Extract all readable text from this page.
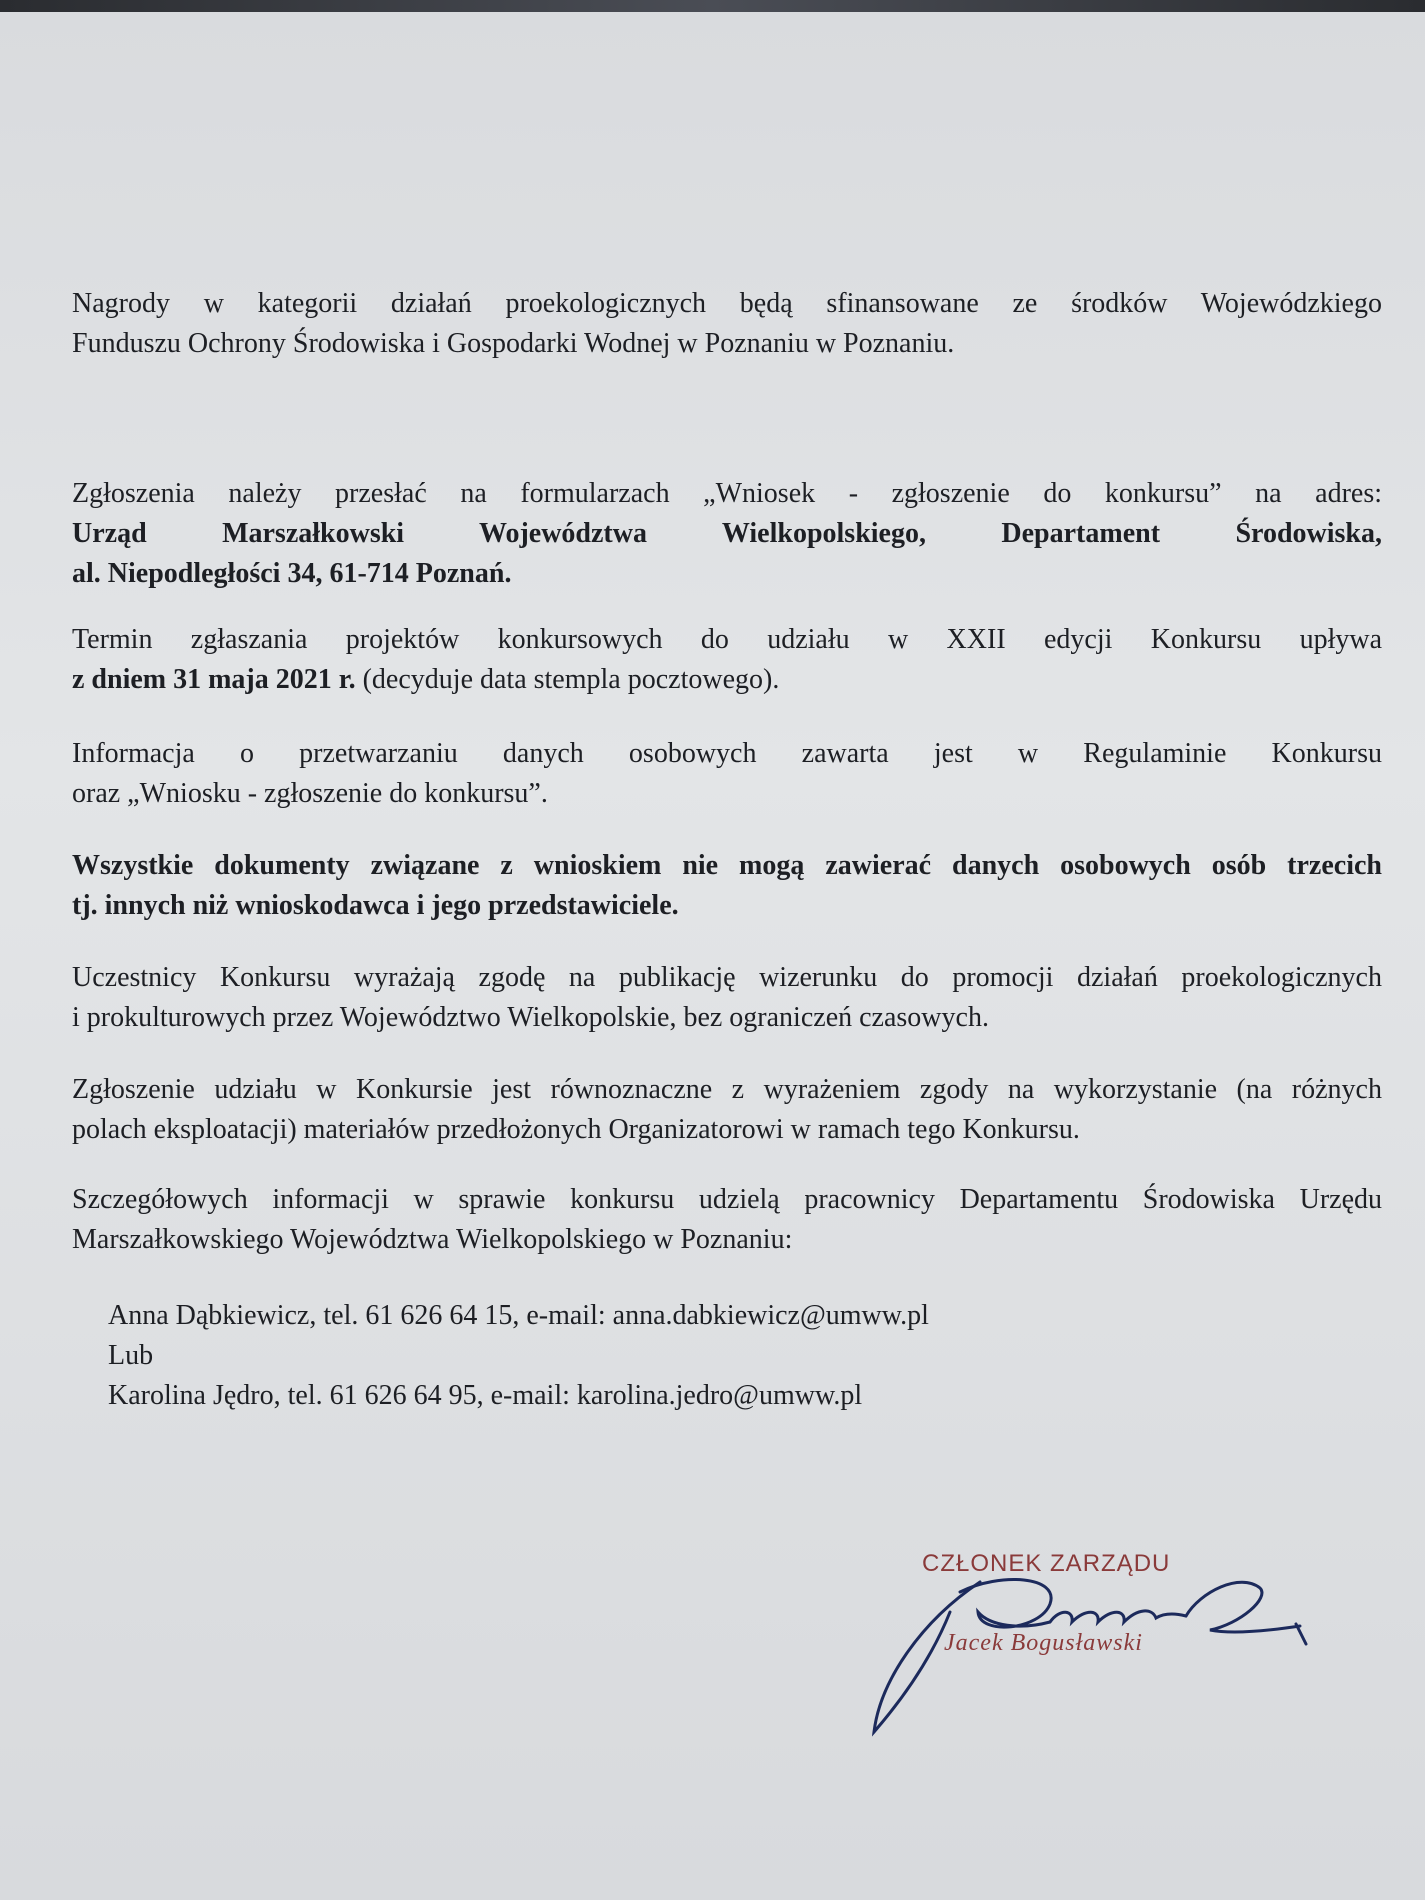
Nagrody w kategorii działań proekologicznych będą sfinansowane ze środków Wojewódzkiego
Funduszu Ochrony Środowiska i Gospodarki Wodnej w Poznaniu w Poznaniu.

Zgłoszenia należy przesłać na formularzach „Wniosek - zgłoszenie do konkursu” na adres:
Urząd Marszałkowski Województwa Wielkopolskiego, Departament Środowiska,
al. Niepodległości 34, 61-714 Poznań.

Termin zgłaszania projektów konkursowych do udziału w XXII edycji Konkursu upływa
z dniem 31 maja 2021 r. (decyduje data stempla pocztowego).

Informacja o przetwarzaniu danych osobowych zawarta jest w Regulaminie Konkursu
oraz „Wniosku - zgłoszenie do konkursu”.

Wszystkie dokumenty związane z wnioskiem nie mogą zawierać danych osobowych osób trzecich
tj. innych niż wnioskodawca i jego przedstawiciele.

Uczestnicy Konkursu wyrażają zgodę na publikację wizerunku do promocji działań proekologicznych
i prokulturowych przez Województwo Wielkopolskie, bez ograniczeń czasowych.

Zgłoszenie udziału w Konkursie jest równoznaczne z wyrażeniem zgody na wykorzystanie (na różnych
polach eksploatacji) materiałów przedłożonych Organizatorowi w ramach tego Konkursu.

Szczegółowych informacji w sprawie konkursu udzielą pracownicy Departamentu Środowiska Urzędu
Marszałkowskiego Województwa Wielkopolskiego w Poznaniu:

Anna Dąbkiewicz, tel. 61 626 64 15, e-mail: anna.dabkiewicz@umww.pl
Lub
Karolina Jędro, tel. 61 626 64 95, e-mail: karolina.jedro@umww.pl

CZŁONEK ZARZĄDU
Jacek Bogusławski
